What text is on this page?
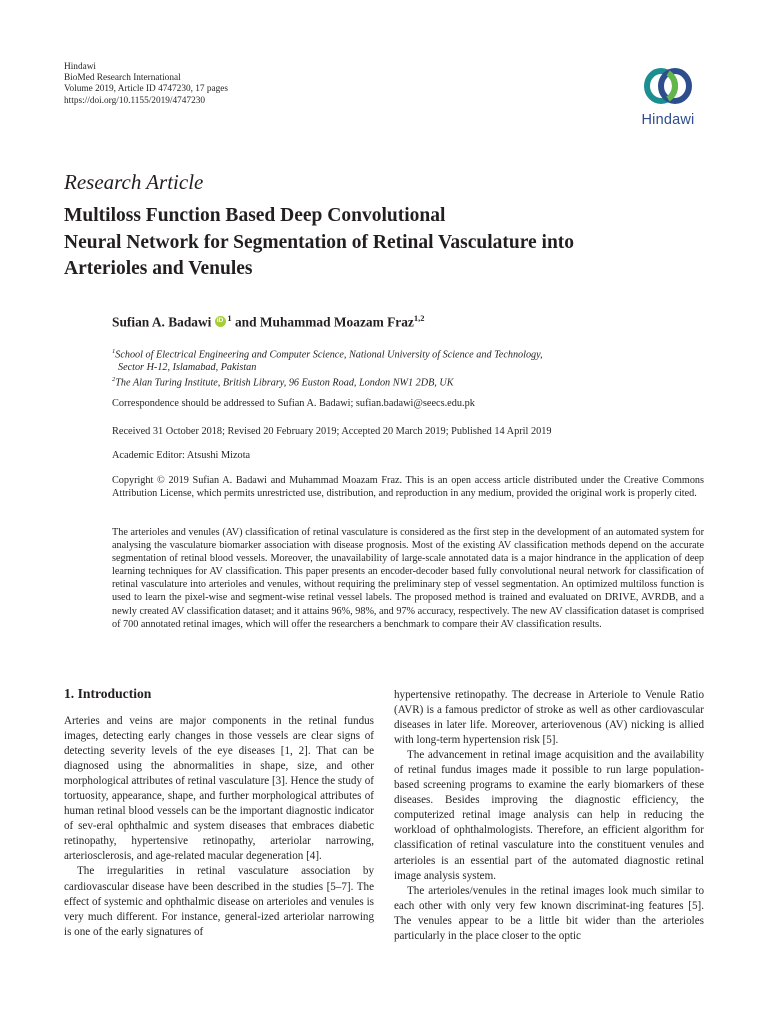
Hindawi
BioMed Research International
Volume 2019, Article ID 4747230, 17 pages
https://doi.org/10.1155/2019/4747230
Hindawi
Research Article
Multiloss Function Based Deep Convolutional
Neural Network for Segmentation of Retinal Vasculature into
Arterioles and Venules
Sufian A. BadawiiD $^1$ and Muhammad Moazam Fraz$^{1,2}$
$^1$School of Electrical Engineering and Computer Science, National University of Science and Technology,
Sector H-12, Islamabad, Pakistan
$^2$The Alan Turing Institute, British Library, 96 Euston Road, London NW1 2DB, UK
Correspondence should be addressed to Sufian A. Badawi; sufian.badawi@seecs.edu.pk
Received 31 October 2018; Revised 20 February 2019; Accepted 20 March 2019; Published 14 April 2019
Academic Editor: Atsushi Mizota
Copyright © 2019 Sufian A. Badawi and Muhammad Moazam Fraz. This is an open access article distributed under the Creative Commons Attribution License, which permits unrestricted use, distribution, and reproduction in any medium, provided the original work is properly cited.
The arterioles and venules (AV) classification of retinal vasculature is considered as the first step in the development of an automated system for analysing the vasculature biomarker association with disease prognosis. Most of the existing AV classification methods depend on the accurate segmentation of retinal blood vessels. Moreover, the unavailability of large-scale annotated data is a major hindrance in the application of deep learning techniques for AV classification. This paper presents an encoder-decoder based fully convolutional neural network for classification of retinal vasculature into arterioles and venules, without requiring the preliminary step of vessel segmentation. An optimized multiloss function is used to learn the pixel-wise and segment-wise retinal vessel labels. The proposed method is trained and evaluated on DRIVE, AVRDB, and a newly created AV classification dataset; and it attains 96%, 98%, and 97% accuracy, respectively. The new AV classification dataset is comprised of 700 annotated retinal images, which will offer the researchers a benchmark to compare their AV classification results.
1. Introduction

Arteries and veins are major components in the retinal fundus images, detecting early changes in those vessels are clear signs of detecting severity levels of the eye diseases [1, 2]. That can be diagnosed using the abnormalities in shape, size, and other morphological attributes of retinal vasculature [3]. Hence the study of tortuosity, appearance, shape, and further morphological attributes of human retinal blood vessels can be the important diagnostic indicator of sev-eral ophthalmic and system diseases that embraces diabetic retinopathy, hypertensive retinopathy, arteriolar narrowing, arteriosclerosis, and age-related macular degeneration [4].

The irregularities in retinal vasculature association by cardiovascular disease have been described in the studies [5–7]. The effect of systemic and ophthalmic disease on arterioles and venules is very much different. For instance, general-ized arteriolar narrowing is one of the early signatures of

hypertensive retinopathy. The decrease in Arteriole to Venule Ratio (AVR) is a famous predictor of stroke as well as other cardiovascular diseases in later life. Moreover, arteriovenous (AV) nicking is allied with long-term hypertension risk [5].

The advancement in retinal image acquisition and the availability of retinal fundus images made it possible to run large population-based screening programs to examine the early biomarkers of these diseases. Besides improving the diagnostic efficiency, the computerized retinal image analysis can help in reducing the workload of ophthalmologists. Therefore, an efficient algorithm for classification of retinal vasculature into the constituent venules and arterioles is an essential part of the automated diagnostic retinal image analysis system.

The arterioles/venules in the retinal images look much similar to each other with only very few known discriminat-ing features [5]. The venules appear to be a little bit wider than the arterioles particularly in the place closer to the optic
